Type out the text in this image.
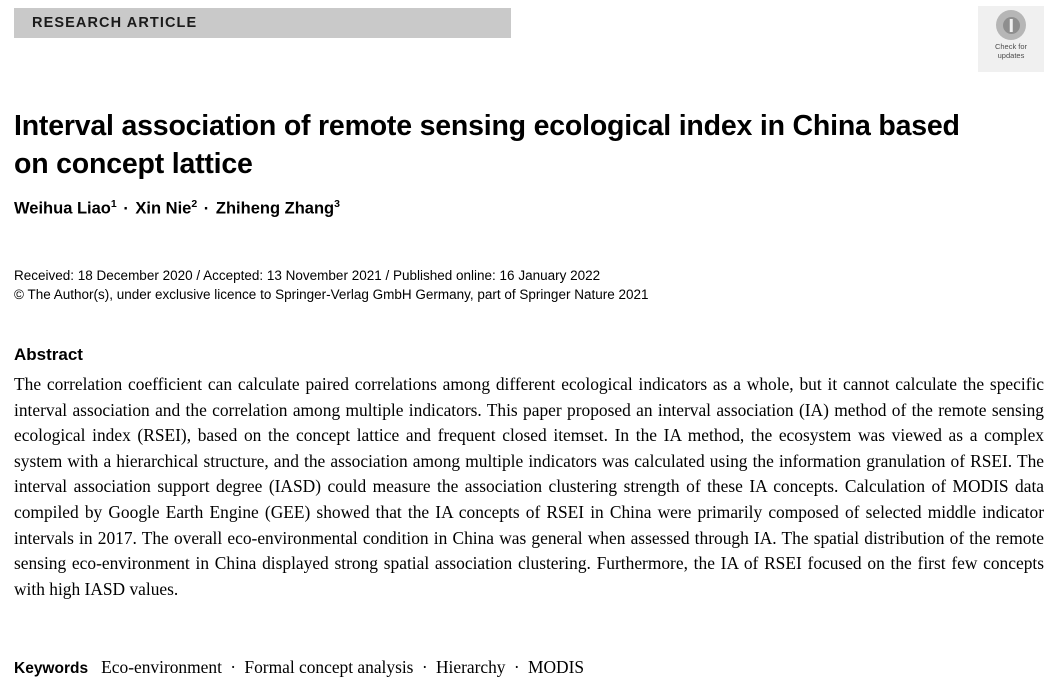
RESEARCH ARTICLE
Check for
updates
Interval association of remote sensing ecological index in China based on concept lattice
Weihua Liao$^1$ · Xin Nie$^2$ · Zhiheng Zhang$^3$
Received: 18 December 2020 / Accepted: 13 November 2021 / Published online: 16 January 2022
© The Author(s), under exclusive licence to Springer-Verlag GmbH Germany, part of Springer Nature 2021
Abstract
The correlation coefficient can calculate paired correlations among different ecological indicators as a whole, but it cannot calculate the specific interval association and the correlation among multiple indicators. This paper proposed an interval association (IA) method of the remote sensing ecological index (RSEI), based on the concept lattice and frequent closed itemset. In the IA method, the ecosystem was viewed as a complex system with a hierarchical structure, and the association among multiple indicators was calculated using the information granulation of RSEI. The interval association support degree (IASD) could measure the association clustering strength of these IA concepts. Calculation of MODIS data compiled by Google Earth Engine (GEE) showed that the IA concepts of RSEI in China were primarily composed of selected middle indicator intervals in 2017. The overall eco-environmental condition in China was general when assessed through IA. The spatial distribution of the remote sensing eco-environment in China displayed strong spatial association clustering. Furthermore, the IA of RSEI focused on the first few concepts with high IASD values.
Keywords Eco-environment · Formal concept analysis · Hierarchy · MODIS
